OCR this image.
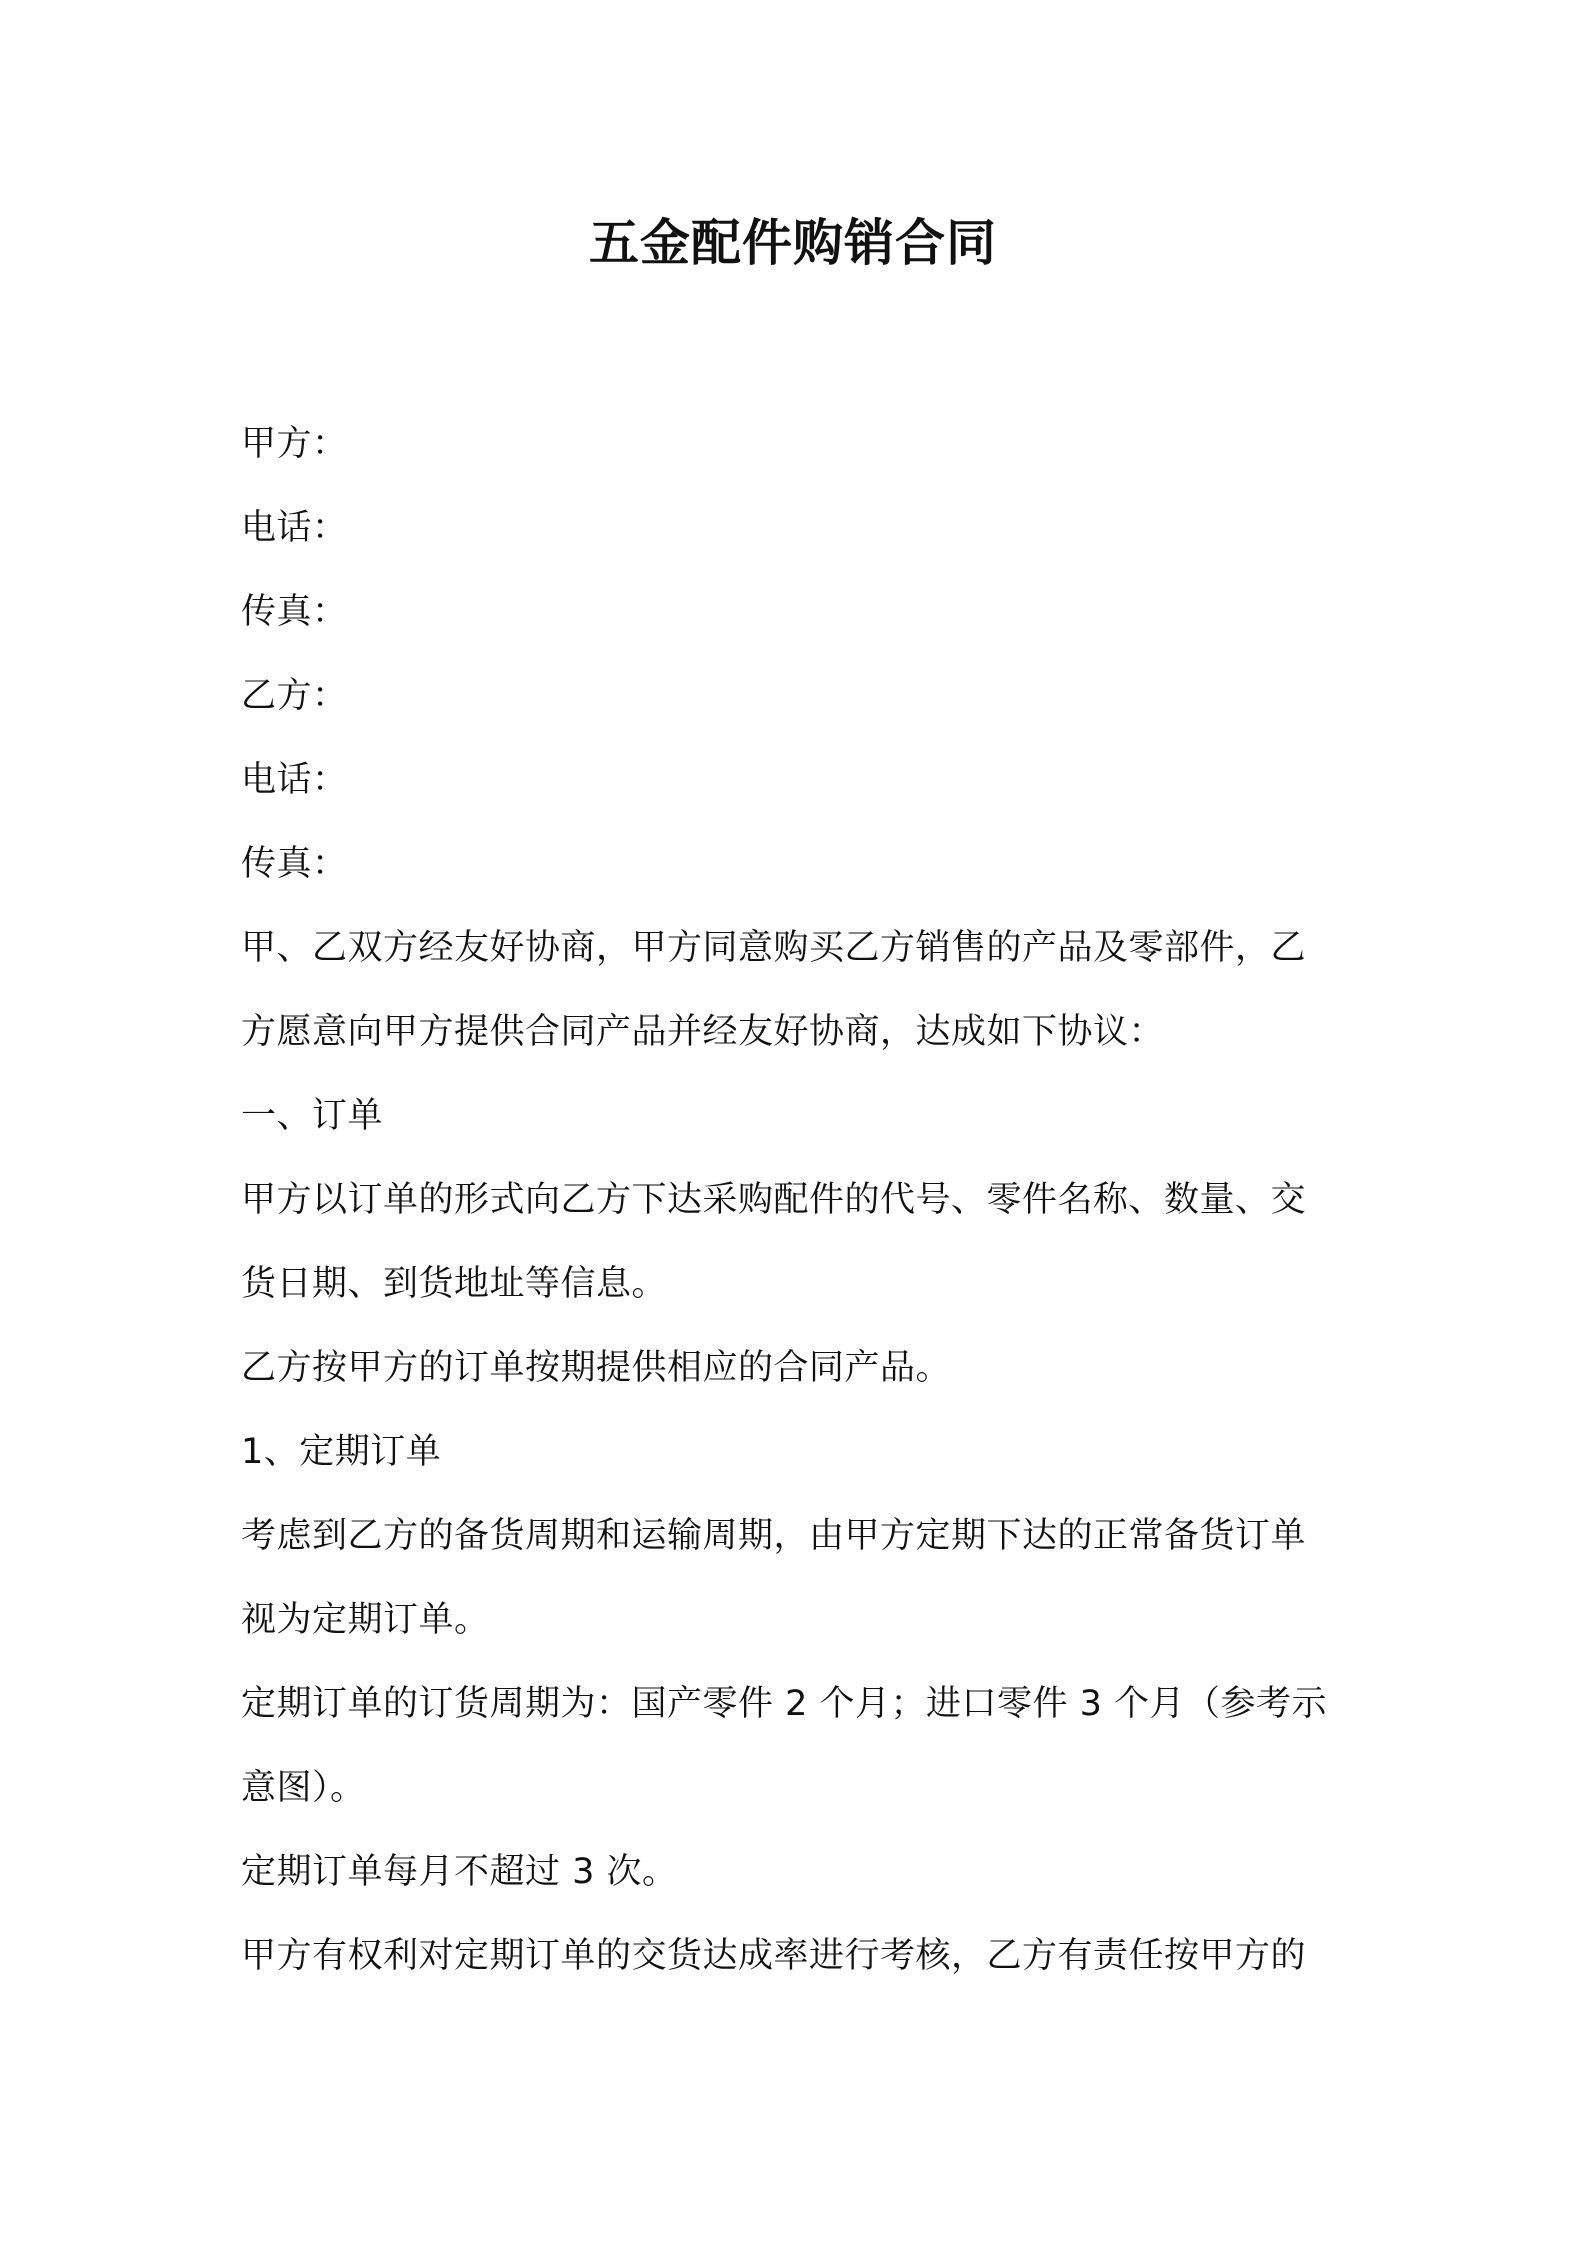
五金配件购销合同
甲方：
电话：
传真：
乙方：
电话：
传真：
甲、乙双方经友好协商，甲方同意购买乙方销售的产品及零部件，乙
方愿意向甲方提供合同产品并经友好协商，达成如下协议：
一、订单
甲方以订单的形式向乙方下达采购配件的代号、零件名称、数量、交
货日期、到货地址等信息。
乙方按甲方的订单按期提供相应的合同产品。
1、定期订单
考虑到乙方的备货周期和运输周期，由甲方定期下达的正常备货订单
视为定期订单。
定期订单的订货周期为：国产零件 2 个月；进口零件 3 个月（参考示
意图）。
定期订单每月不超过 3 次。
甲方有权利对定期订单的交货达成率进行考核，乙方有责任按甲方的
